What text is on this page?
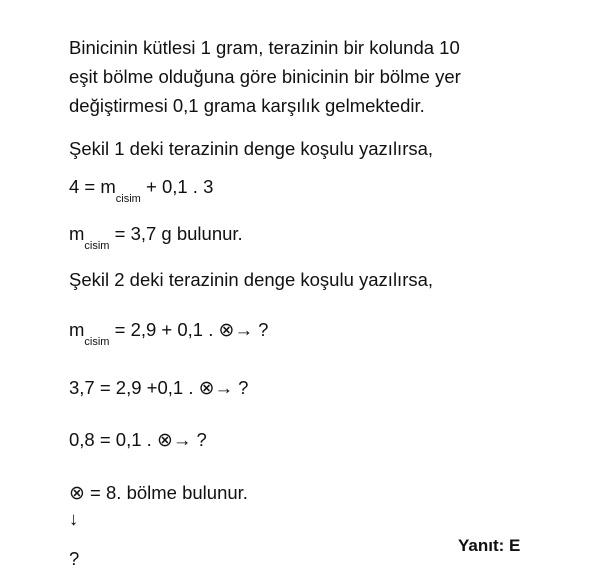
Binicinin kütlesi 1 gram, terazinin bir kolunda 10
eşit bölme olduğuna göre binicinin bir bölme yer
değiştirmesi 0,1 grama karşılık gelmektedir.
Şekil 1 deki terazinin denge koşulu yazılırsa,
$4 = m_{cisim} + 0,1$ . 3
$m_{cisim} = 3,7$ g bulunur.
Şekil 2 deki terazinin denge koşulu yazılırsa,
$m_{cisim} = 2,9 + 0,1$ . ⊗→ ?
3,7 = 2,9 +0,1 . ⊗→ ?
0,8 = 0,1 . ⊗→ ?
⊗ = 8. bölme bulunur.
↓
?
Yanıt: E
